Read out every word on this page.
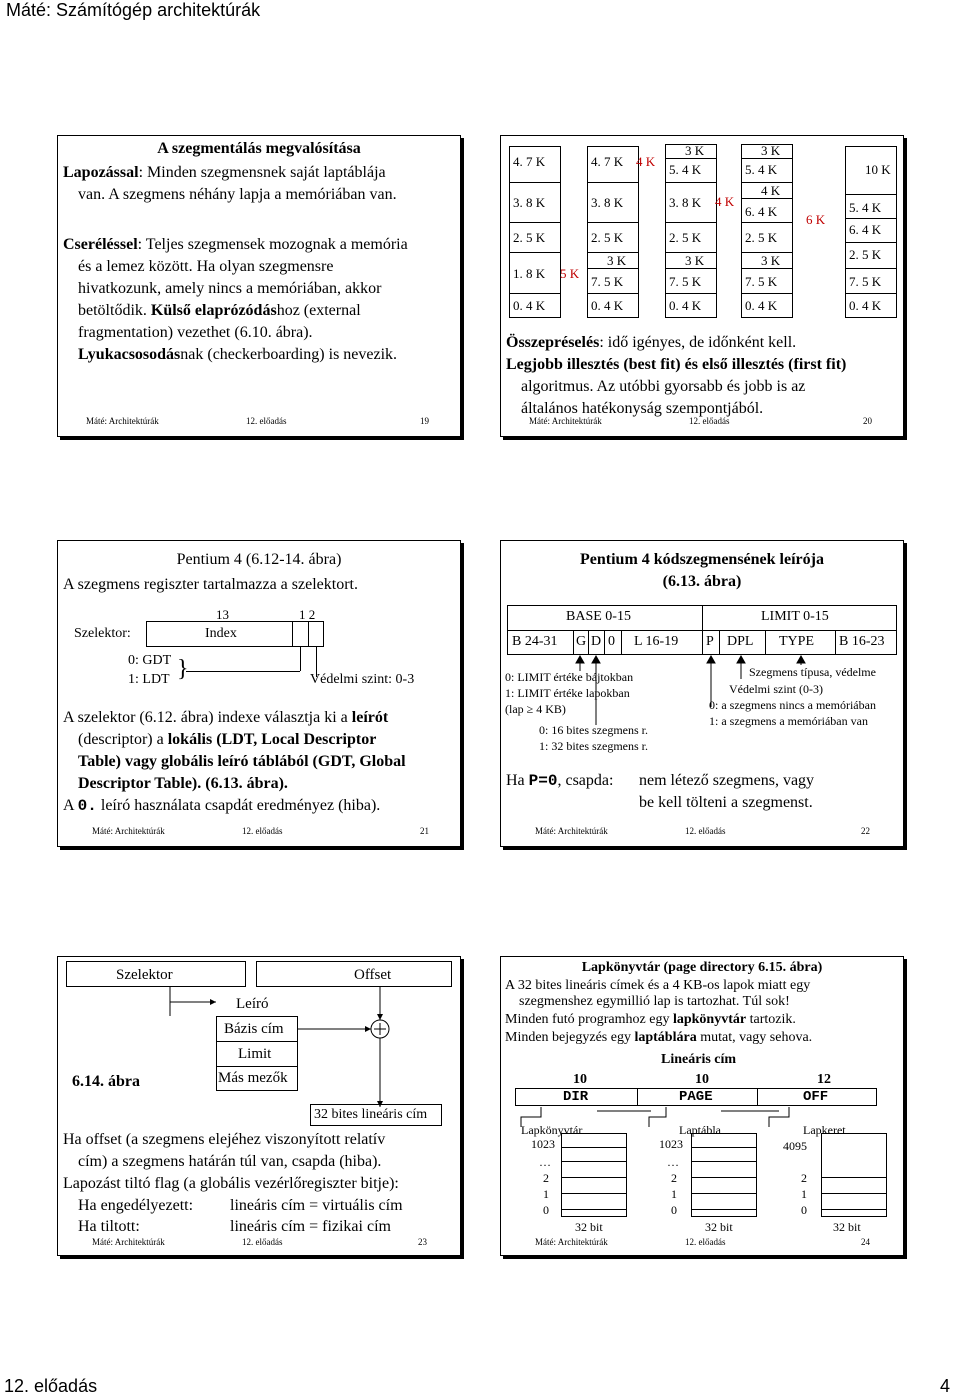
Máté: Számítógép architektúrák
A szegmentálás megvalósítása
Lapozással: Minden szegmensnek saját laptáblája
van. A szegmens néhány lapja a memóriában van.
Cseréléssel: Teljes szegmensek mozognak a memória
és a lemez között. Ha olyan szegmensre
hivatkozunk, amely nincs a memóriában, akkor
betöltődik. Külső elaprózódáshoz (external
fragmentation) vezethet (6.10. ábra).
Lyukacsosodásnak (checkerboarding) is nevezik.
Máté: Architektúrák	12. előadás	19
4. 7 K
3. 8 K
2. 5 K
1. 8 K
0. 4 K
4. 7 K
3. 8 K
2. 5 K
3 K
7. 5 K
0. 4 K
3 K
5. 4 K
3. 8 K
2. 5 K
3 K
7. 5 K
0. 4 K
3 K
5. 4 K
4 K
6. 4 K
2. 5 K
3 K
7. 5 K
0. 4 K
10 K
5. 4 K
6. 4 K
2. 5 K
7. 5 K
0. 4 K
4 K
5 K
4 K
6 K
Összepréselés: idő igényes, de időnként kell.
Legjobb illesztés (best fit) és első illesztés (first fit)
algoritmus. Az utóbbi gyorsabb és jobb is az
általános hatékonyság szempontjából.
Máté: Architektúrák	12. előadás	20
Pentium 4 (6.12-14. ábra)
A szegmens regiszter tartalmazza a szelektort.
13	1 2
Szelektor:	Index
0: GDT
1: LDT }	Védelmi szint: 0-3
A szelektor (6.12. ábra) indexe választja ki a leírót
(descriptor) a lokális (LDT, Local Descriptor
Table) vagy globális leíró táblából (GDT, Global
Descriptor Table). (6.13. ábra).
A 0. leíró használata csapdát eredményez (hiba).
Máté: Architektúrák	12. előadás	21
Pentium 4 kódszegmensének leírója
(6.13. ábra)
BASE 0-15	LIMIT 0-15
B 24-31 G D 0 L 16-19 P DPL TYPE B 16-23
0: LIMIT értéke bájtokban
1: LIMIT értéke lapokban
(lap ≥ 4 KB)
0: 16 bites szegmens r.
1: 32 bites szegmens r.
Szegmens típusa, védelme
Védelmi szint (0-3)
0: a szegmens nincs a memóriában
1: a szegmens a memóriában van
Ha P=0, csapda: nem létező szegmens, vagy
be kell tölteni a szegmenst.
Máté: Architektúrák	12. előadás	22
Szelektor	Offset
Leíró
Bázis cím
Limit
Más mezők
6.14. ábra
32 bites lineáris cím
Ha offset (a szegmens elejéhez viszonyított relatív
cím) a szegmens határán túl van, csapda (hiba).
Lapozást tiltó flag (a globális vezérlőregiszter bitje):
Ha engedélyezett: lineáris cím = virtuális cím
Ha tiltott:	lineáris cím = fizikai cím
Máté: Architektúrák	12. előadás	23
Lapkönyvtár (page directory 6.15. ábra)
A 32 bites lineáris címek és a 4 KB-os lapok miatt egy
szegmenshez egymillió lap is tartozhat. Túl sok!
Minden futó programhoz egy lapkönyvtár tartozik.
Minden bejegyzés egy laptáblára mutat, vagy sehova.
Lineáris cím
10	10	12
DIR	PAGE	OFF
Lapkönyvtár	Laptábla	Lapkeret
1023
…
2
1
0
32 bit
1023
…
2
1
0
32 bit
4095
2
1
0
32 bit
Máté: Architektúrák	12. előadás	24
12. előadás	4
